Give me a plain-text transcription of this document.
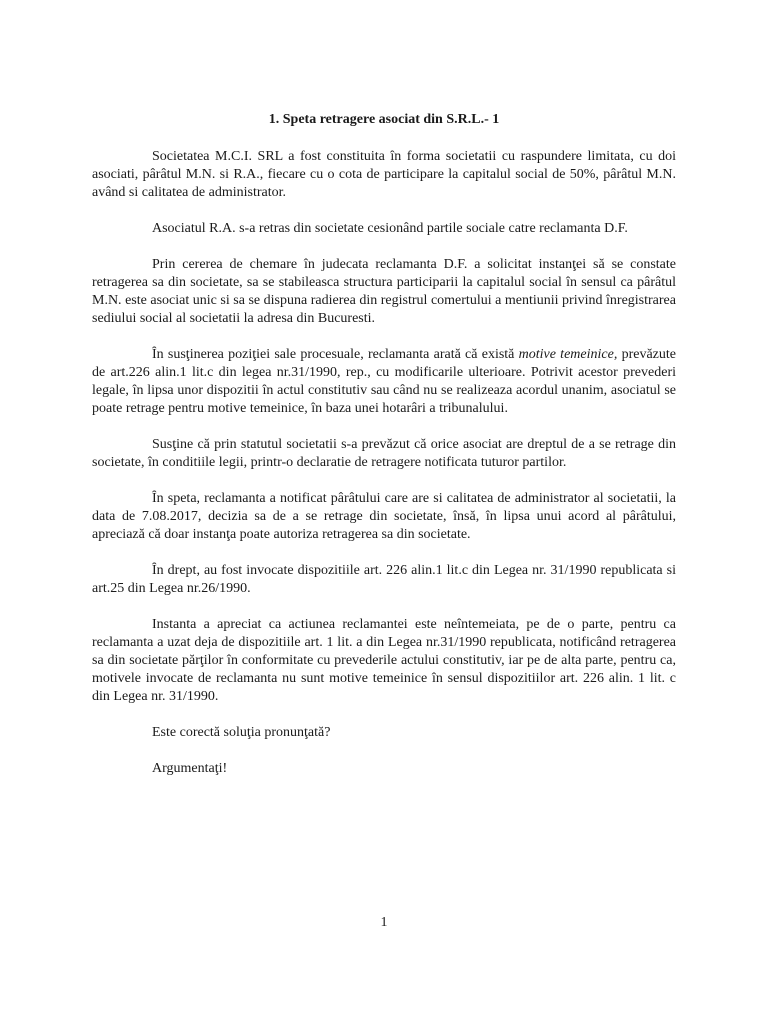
1. Speta retragere asociat din S.R.L.- 1

Societatea M.C.I. SRL a fost constituita în forma societatii cu raspundere limitata, cu doi asociati, pârâtul M.N. si R.A., fiecare cu o cota de participare la capitalul social de 50%, pârâtul M.N. având si calitatea de administrator.

Asociatul R.A. s-a retras din societate cesionând partile sociale catre reclamanta D.F.

Prin cererea de chemare în judecata reclamanta D.F. a solicitat instanţei să se constate retragerea sa din societate, sa se stabileasca structura participarii la capitalul social în sensul ca pârâtul M.N. este asociat unic si sa se dispuna radierea din registrul comertului a mentiunii privind înregistrarea sediului social al societatii la adresa din Bucuresti.

Ȋn susţinerea poziţiei sale procesuale, reclamanta arată că există motive temeinice, prevăzute de art.226 alin.1 lit.c din legea nr.31/1990, rep., cu modificarile ulterioare. Potrivit acestor prevederi legale, în lipsa unor dispozitii în actul constitutiv sau când nu se realizeaza acordul unanim, asociatul se poate retrage pentru motive temeinice, în baza unei hotarâri a tribunalului.

Susţine că prin statutul societatii s-a prevăzut că orice asociat are dreptul de a se retrage din societate, în conditiile legii, printr-o declaratie de retragere notificata tuturor partilor.

Ȋn speta, reclamanta a notificat pârâtului care are si calitatea de administrator al societatii, la data de 7.08.2017, decizia sa de a se retrage din societate, însă, în lipsa unui acord al pârâtului, apreciază că doar instanţa poate autoriza retragerea sa din societate.

Ȋn drept, au fost invocate dispozitiile art. 226 alin.1 lit.c din Legea nr. 31/1990 republicata si art.25 din Legea nr.26/1990.

Instanta a apreciat ca actiunea reclamantei este neîntemeiata, pe de o parte, pentru ca reclamanta a uzat deja de dispozitiile art. 1 lit. a din Legea nr.31/1990 republicata, notificând retragerea sa din societate părţilor în conformitate cu prevederile actului constitutiv, iar pe de alta parte, pentru ca, motivele invocate de reclamanta nu sunt motive temeinice în sensul dispozitiilor art. 226 alin. 1 lit. c din Legea nr. 31/1990.

Este corectă soluţia pronunţată?

Argumentaţi!

1
